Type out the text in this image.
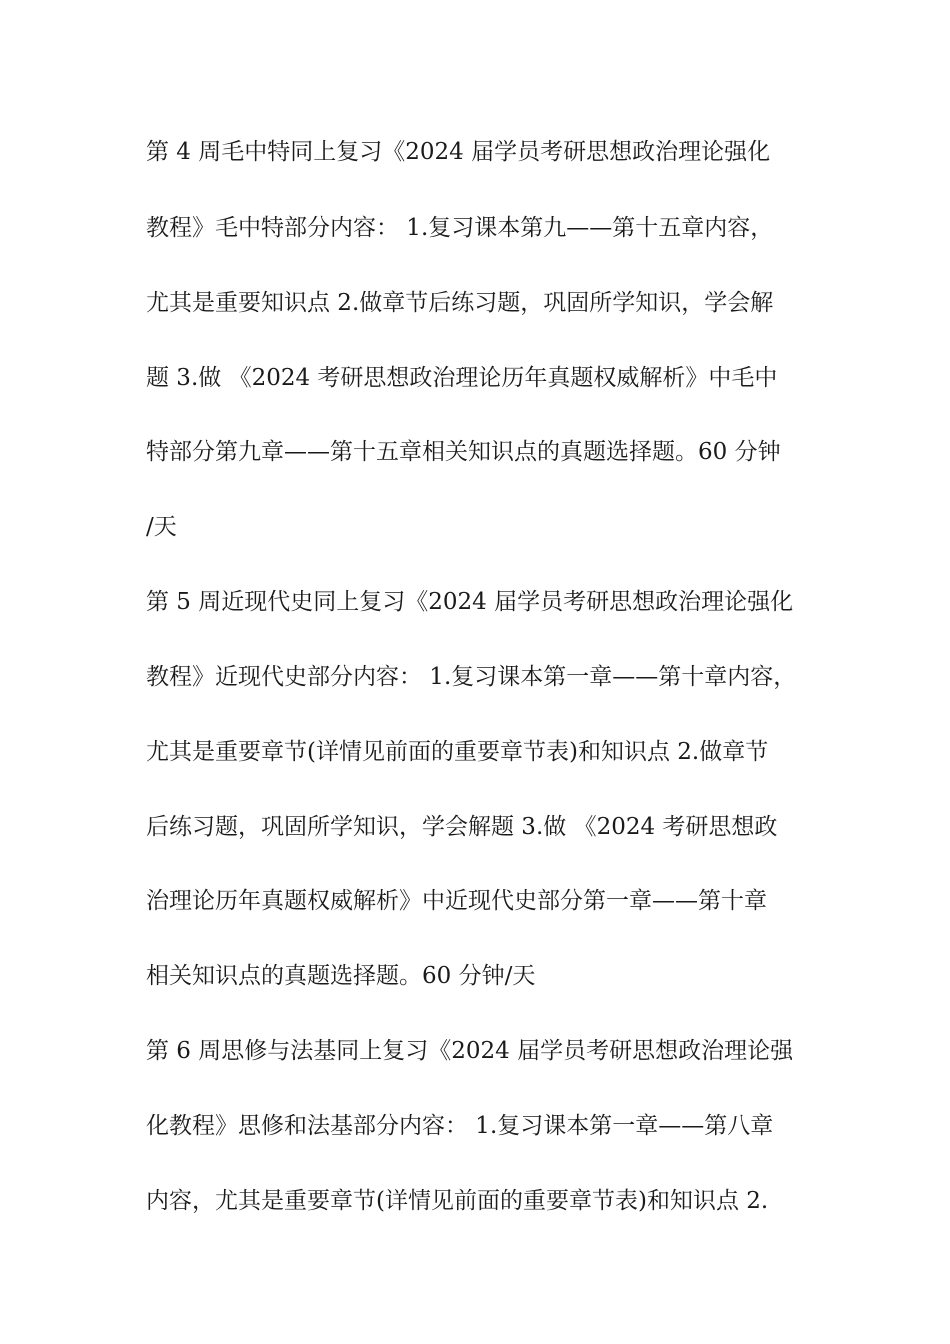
第 4 周毛中特同上复习《2024 届学员考研思想政治理论强化
教程》毛中特部分内容： 1.复习课本第九——第十五章内容，
尤其是重要知识点 2.做章节后练习题，巩固所学知识，学会解
题 3.做 《2024 考研思想政治理论历年真题权威解析》中毛中
特部分第九章——第十五章相关知识点的真题选择题。60 分钟
/天
第 5 周近现代史同上复习《2024 届学员考研思想政治理论强化
教程》近现代史部分内容： 1.复习课本第一章——第十章内容，
尤其是重要章节(详情见前面的重要章节表)和知识点 2.做章节
后练习题，巩固所学知识，学会解题 3.做 《2024 考研思想政
治理论历年真题权威解析》中近现代史部分第一章——第十章
相关知识点的真题选择题。60 分钟/天
第 6 周思修与法基同上复习《2024 届学员考研思想政治理论强
化教程》思修和法基部分内容： 1.复习课本第一章——第八章
内容，尤其是重要章节(详情见前面的重要章节表)和知识点 2.
